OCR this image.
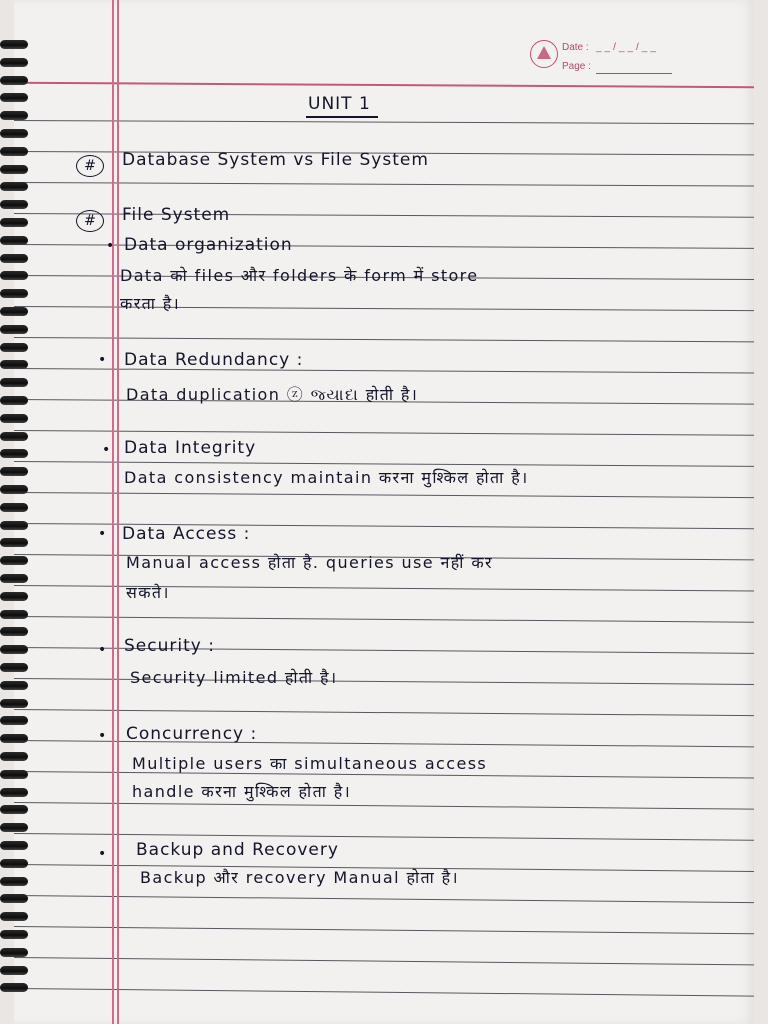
Date : __/__/__
Page :
UNIT 1
#	Database System vs File System
#	File System
• Data organization
Data को files और folders के form में store
करता है।
• Data Redundancy :
Data duplication ⓩ જ્યાદા होती है।
• Data Integrity
Data consistency maintain करना मुश्किल होता है।
• Data Access :
Manual access होता है. queries use नहीं कर
सकते।
• Security :
Security limited होती है।
• Concurrency :
Multiple users का simultaneous access
handle करना मुश्किल होता है।
• Backup and Recovery
Backup और recovery Manual होता है।
